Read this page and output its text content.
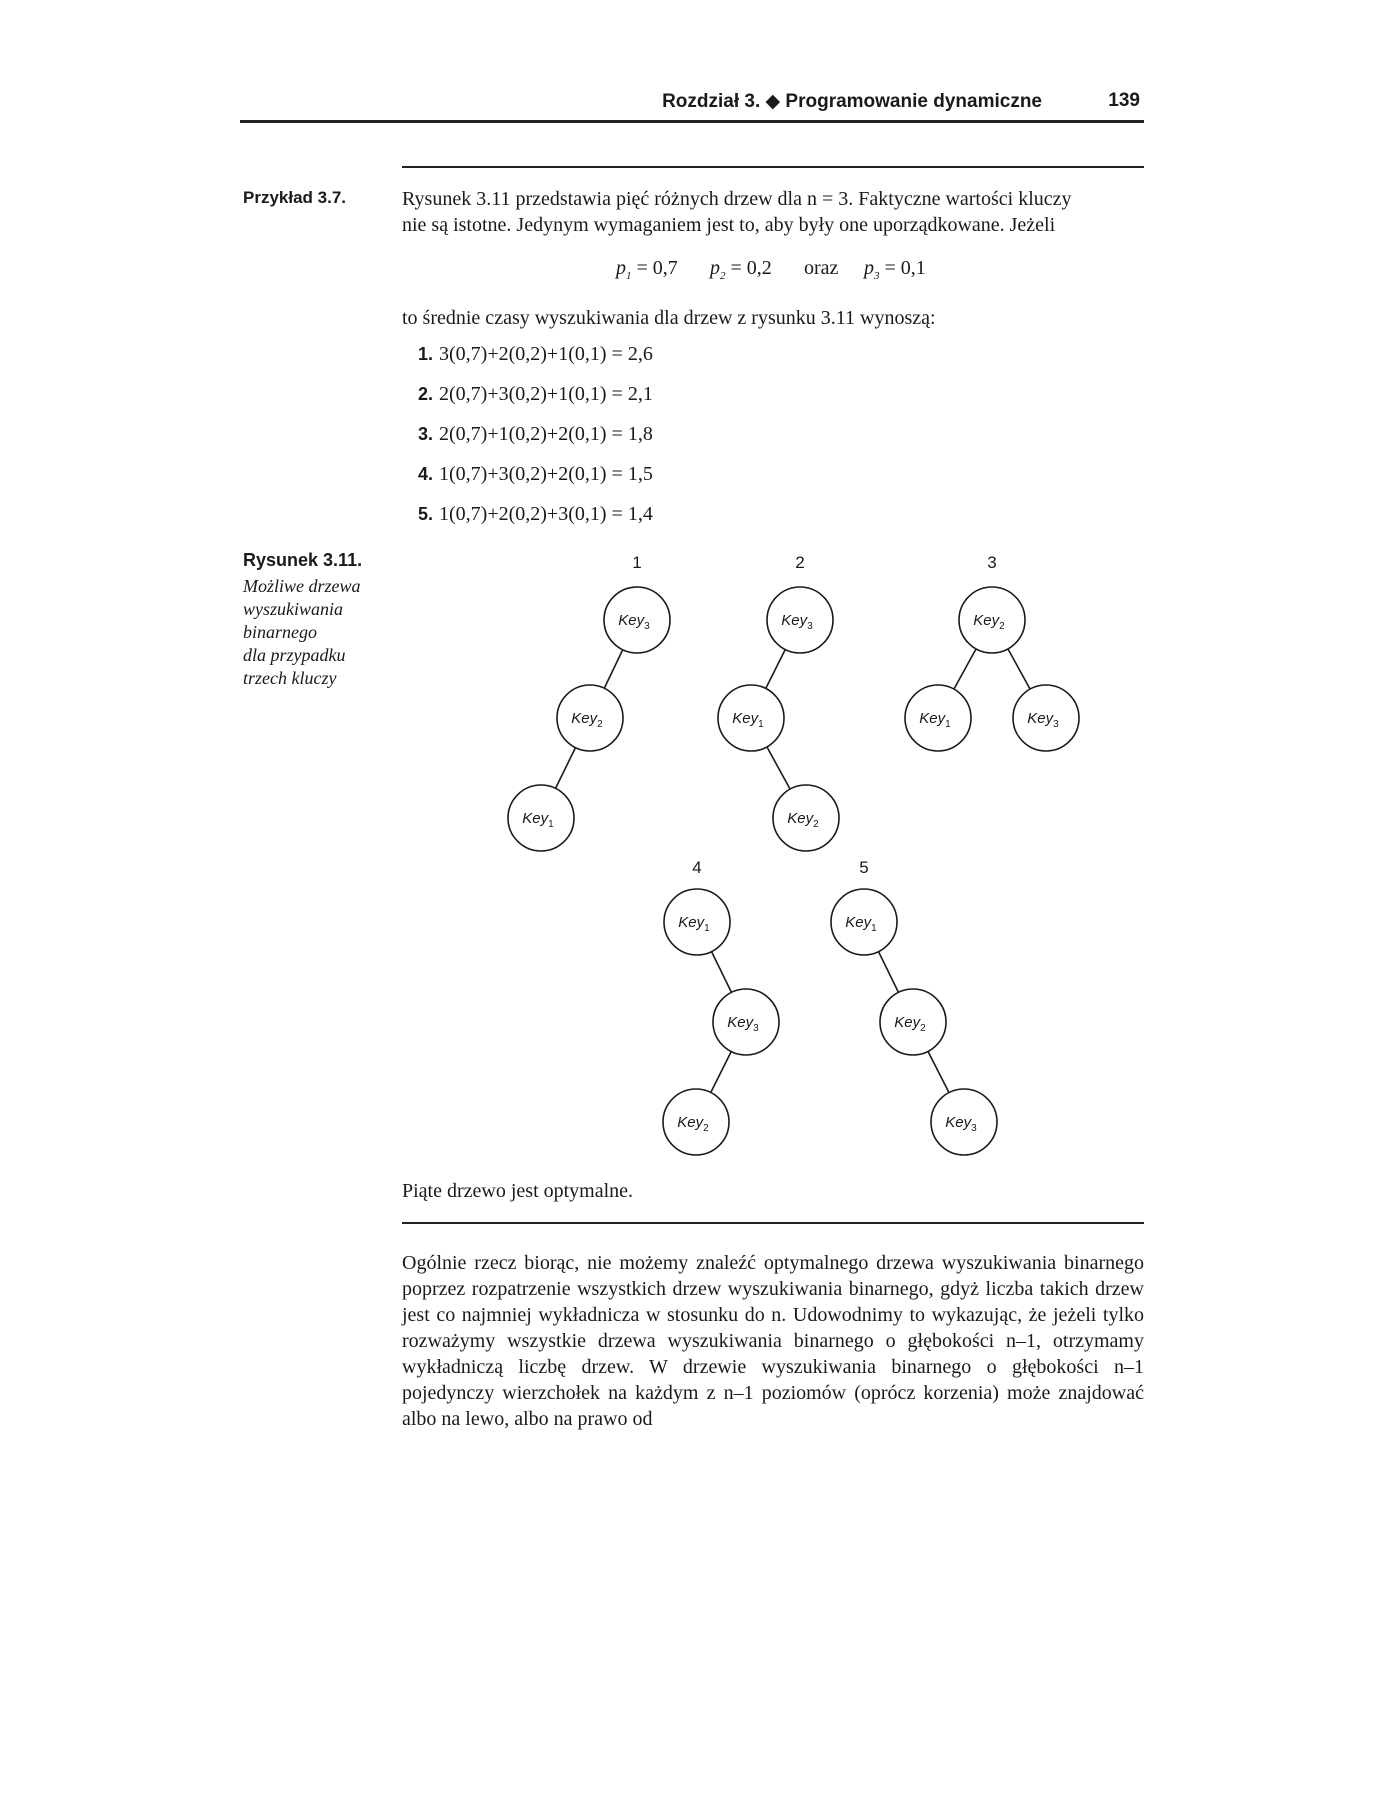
Rozdział 3. ◆ Programowanie dynamiczne	139
Przykład 3.7.	Rysunek 3.11 przedstawia pięć różnych drzew dla n = 3. Faktyczne wartości kluczy
nie są istotne. Jedynym wymaganiem jest to, aby były one uporządkowane. Jeżeli
$p_1 = 0,7$ $p_2 = 0,2$ oraz $p_3 = 0,1$
to średnie czasy wyszukiwania dla drzew z rysunku 3.11 wynoszą:
1. 3(0,7)+2(0,2)+1(0,1) = 2,6
2. 2(0,7)+3(0,2)+1(0,1) = 2,1
3. 2(0,7)+1(0,2)+2(0,1) = 1,8
4. 1(0,7)+3(0,2)+2(0,1) = 1,5
5. 1(0,7)+2(0,2)+3(0,1) = 1,4
Rysunek 3.11.
Możliwe drzewa
wyszukiwania
binarnego
dla przypadku
trzech kluczy
1
Key$_3$
Key$_2$
Key$_1$
2
Key$_3$
Key$_1$
Key$_2$
3
Key$_2$
Key$_1$	Key$_3$
4
Key$_1$
Key$_3$
Key$_2$
5
Key$_1$
Key$_2$
Key$_3$
Piąte drzewo jest optymalne.
Ogólnie rzecz biorąc, nie możemy znaleźć optymalnego drzewa wyszukiwania binarnego poprzez rozpatrzenie wszystkich drzew wyszukiwania binarnego, gdyż liczba takich drzew jest co najmniej wykładnicza w stosunku do n. Udowodnimy to wykazując, że jeżeli tylko rozważymy wszystkie drzewa wyszukiwania binarnego o głębokości n–1, otrzymamy wykładniczą liczbę drzew. W drzewie wyszukiwania binarnego o głębokości n–1 pojedynczy wierzchołek na każdym z n–1 poziomów (oprócz korzenia) może znajdować albo na lewo, albo na prawo od
